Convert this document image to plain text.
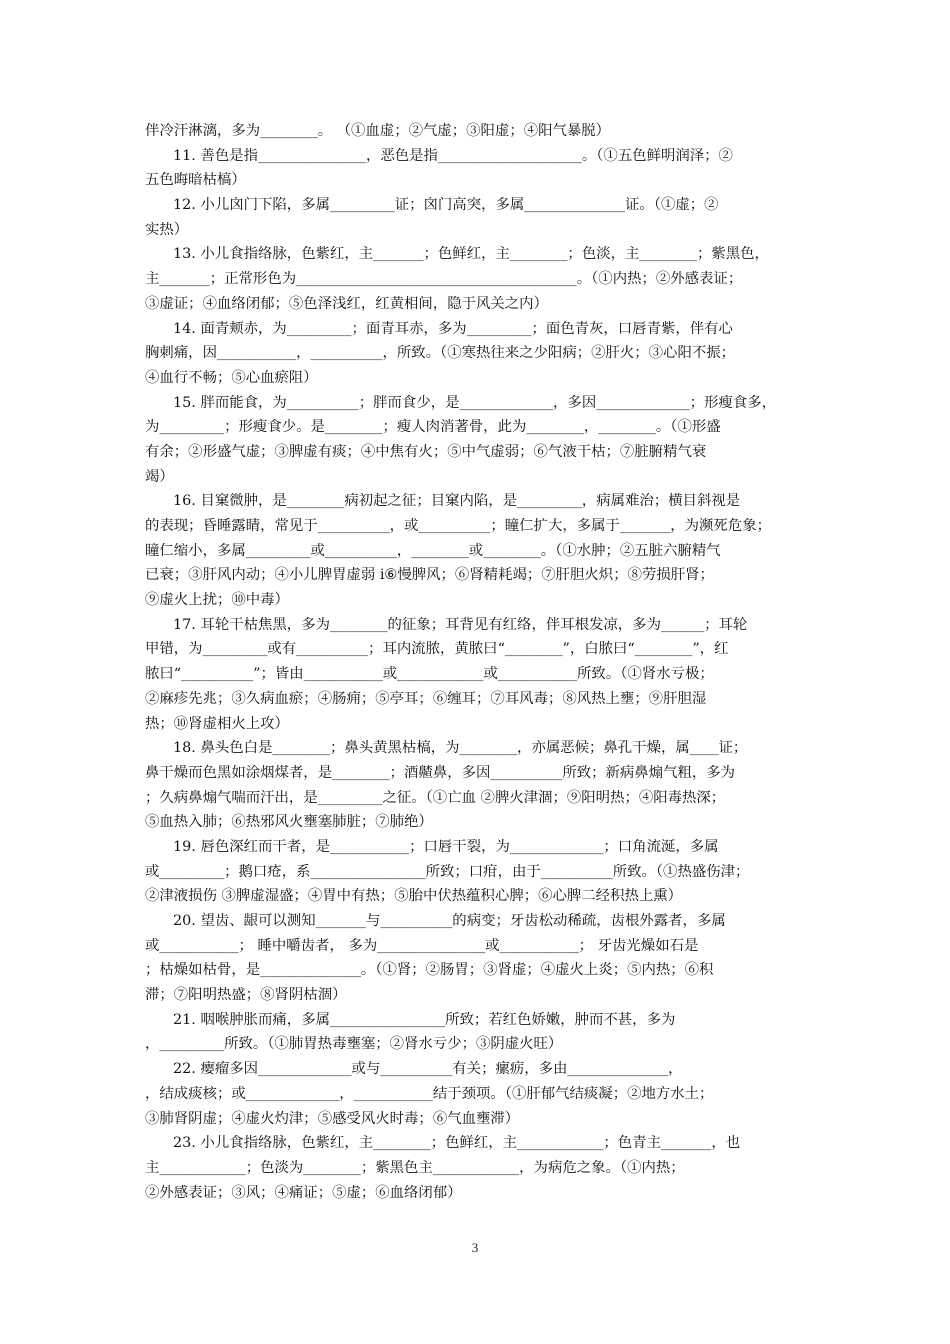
伴冷汗淋漓，多为________。 （①血虚；②气虚；③阳虚；④阳气暴脱）
11. 善色是指_______________，恶色是指____________________。（①五色鲜明润泽；②
五色晦暗枯槁）
12. 小儿囟门下陷，多属_________证；囟门高突，多属______________证。（①虚；②
实热）
13. 小儿食指络脉，色紫红，主_______；色鲜红，主________；色淡，主________；紫黑色，
主_______；正常形色为_______________________________________。（①内热；②外感表证；
③虚证；④血络闭郁；⑤色泽浅红，红黄相间，隐于风关之内）
14. 面青颊赤，为_________；面青耳赤，多为_________；面色青灰，口唇青紫，伴有心
胸刺痛，因___________，__________，所致。（①寒热往来之少阳病；②肝火；③心阳不振；
④血行不畅；⑤心血瘀阻）
15. 胖而能食，为__________；胖而食少，是_____________，多因_____________；形瘦食多，
为_________；形瘦食少。是________；瘦人肉消著骨，此为________，________。（①形盛
有余；②形盛气虚；③脾虚有痰；④中焦有火；⑤中气虚弱；⑥气液干枯；⑦脏腑精气衰
竭）
16. 目窠微肿，是________病初起之征；目窠内陷，是_________，病属难治；横目斜视是
的表现；昏睡露睛，常见于__________，或__________；瞳仁扩大，多属于_______，为濒死危象；
瞳仁缩小，多属_________或__________，________或________。（①水肿；②五脏六腑精气
已衰；③肝风内动；④小儿脾胃虚弱 i⑥慢脾风；⑥肾精耗竭；⑦肝胆火炽；⑧劳损肝肾；
⑨虚火上扰；⑩中毒）
17. 耳轮干枯焦黑，多为________的征象；耳背见有红络，伴耳根发凉，多为______；耳轮
甲错，为_________或有__________；耳内流脓，黄脓曰“________”，白脓曰“________”，红
脓曰“__________”；皆由___________或____________或___________所致。（①肾水亏极；
②麻疹先兆；③久病血瘀；④肠痈；⑤亭耳；⑥缠耳；⑦耳风毒；⑧风热上壅；⑨肝胆湿
热；⑩肾虚相火上攻）
18. 鼻头色白是________；鼻头黄黑枯槁，为________，亦属恶候；鼻孔干燥，属____证；
鼻干燥而色黑如涂烟煤者，是________；酒齄鼻，多因__________所致；新病鼻煽气粗，多为
；久病鼻煽气喘而汗出，是_________之征。（①亡血 ②脾火津涸；⑨阳明热；④阳毒热深；
⑤血热入肺；⑥热邪风火壅塞肺脏；⑦肺绝）
19. 唇色深红而干者，是___________；口唇干裂，为_____________；口角流涎，多属
或_________；鹅口疮，系________________所致；口疳，由于__________所致。（①热盛伤津；
②津液损伤 ③脾虚湿盛；④胃中有热；⑤胎中伏热蕴积心脾；⑥心脾二经积热上熏）
20. 望齿、龈可以测知_______与__________的病变；牙齿松动稀疏，齿根外露者，多属
或___________； 睡中嚼齿者， 多为_______________或___________； 牙齿光燥如石是
；枯燥如枯骨，是______________。（①肾；②肠胃；③肾虚；④虚火上炎；⑤内热；⑥积
滞；⑦阳明热盛；⑧肾阴枯涸）
21. 咽喉肿胀而痛，多属________________所致；若红色娇嫩，肿而不甚，多为
，_________所致。（①肺胃热毒壅塞；②肾水亏少；③阴虚火旺）
22. 瘿瘤多因_____________或与__________有关；瘰疬，多由______________，
，结成痰核；或_____________，___________结于颈项。（①肝郁气结痰凝；②地方水土；
③肺肾阴虚；④虚火灼津；⑤感受风火时毒；⑥气血壅滞）
23. 小儿食指络脉，色紫红，主________；色鲜红，主____________；色青主_______，也
主____________；色淡为________；紫黑色主____________，为病危之象。（①内热；
②外感表证；③风；④痛证；⑤虚；⑥血络闭郁）
3
